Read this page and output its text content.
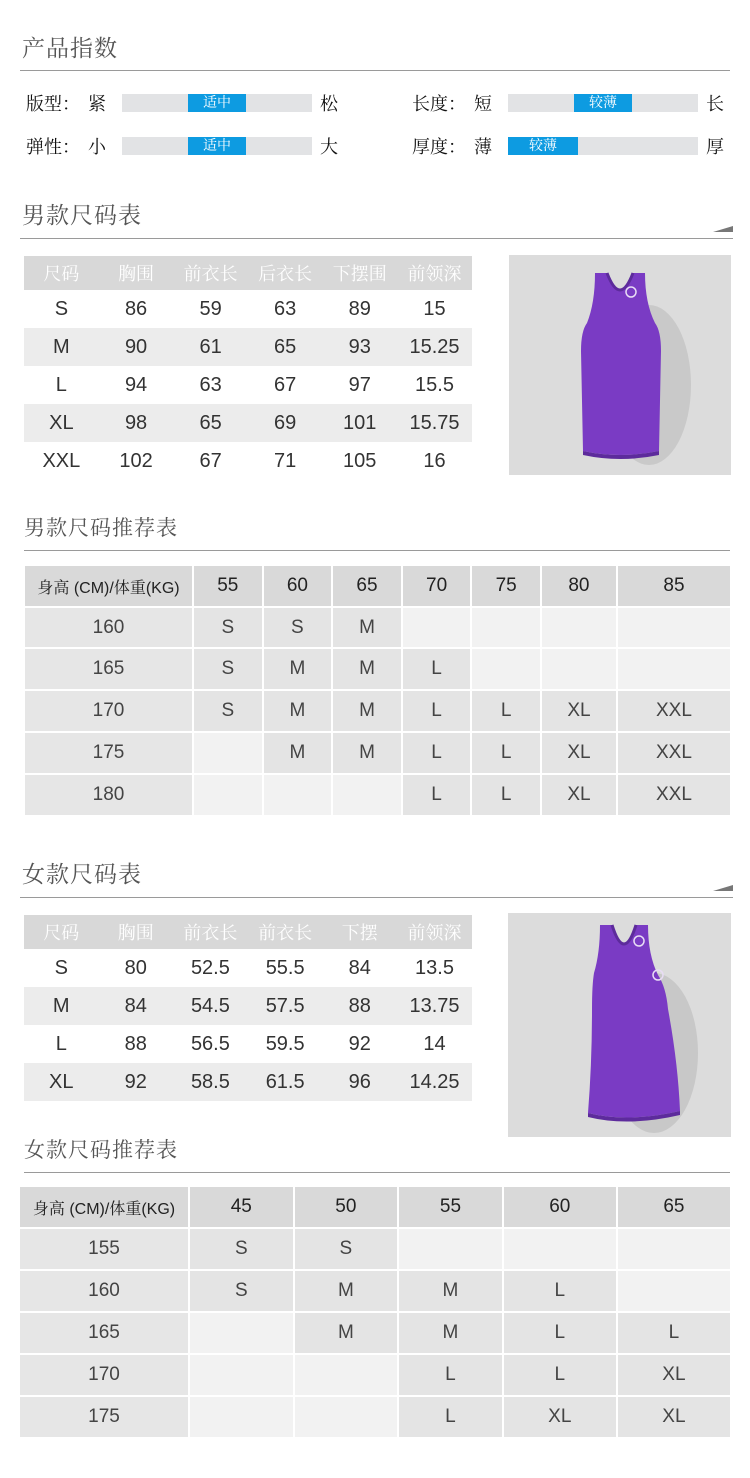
产品指数
版型： 紧	适中	松	长度： 短	较薄	长
弹性： 小	适中	大	厚度： 薄	较薄	厚
男款尺码表
尺码	胸围	前衣长	后衣长	下摆围	前领深
S	86	59	63	89	15
M	90	61	65	93	15.25
L	94	63	67	97	15.5
XL	98	65	69	101	15.75
XXL	102	67	71	105	16
男款尺码推荐表
身高 (CM)/体重(KG)	55	60	65	70	75	80	85
160	S	S	M				
165	S	M	M	L			
170	S	M	M	L	L	XL	XXL
175		M	M	L	L	XL	XXL
180				L	L	XL	XXL
女款尺码表
尺码	胸围	前衣长	前衣长	下摆	前领深
S	80	52.5	55.5	84	13.5
M	84	54.5	57.5	88	13.75
L	88	56.5	59.5	92	14
XL	92	58.5	61.5	96	14.25
女款尺码推荐表
身高 (CM)/体重(KG)	45	50	55	60	65
155	S	S			
160	S	M	M	L	
165		M	M	L	L
170			L	L	XL
175			L	XL	XL
